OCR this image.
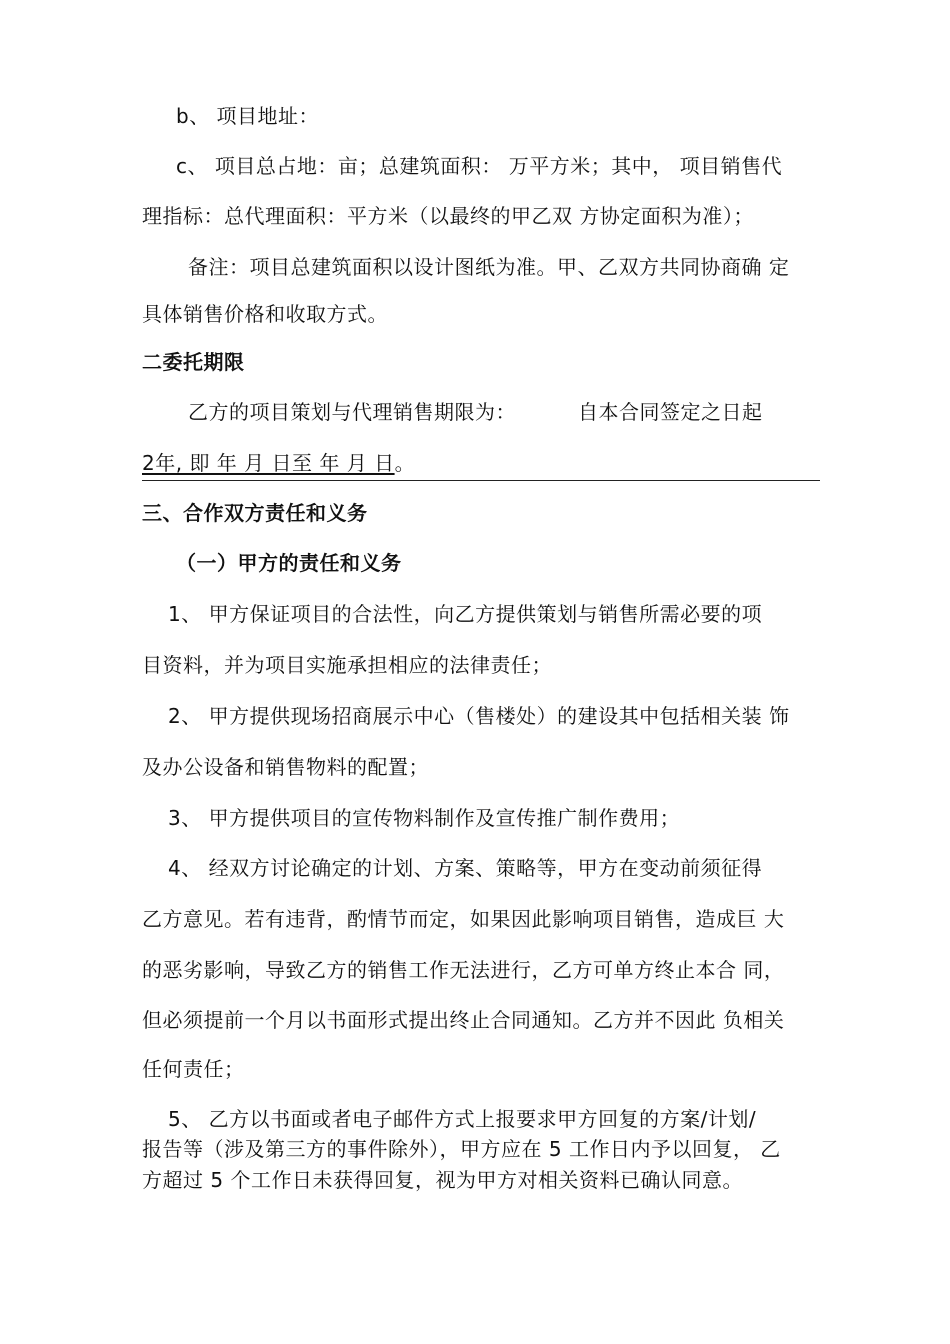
b、 项目地址：
c、 项目总占地：亩；总建筑面积： 万平方米；其中， 项目销售代
理指标：总代理面积：平方米（以最终的甲乙双 方协定面积为准）；
备注：项目总建筑面积以设计图纸为准。甲、乙双方共同协商确 定
具体销售价格和收取方式。
二委托期限
乙方的项目策划与代理销售期限为：	自本合同签定之日起
2年, 即 年 月 日至 年 月 日。
三、合作双方责任和义务
（一）甲方的责任和义务
1、 甲方保证项目的合法性，向乙方提供策划与销售所需必要的项
目资料，并为项目实施承担相应的法律责任；
2、 甲方提供现场招商展示中心（售楼处）的建设其中包括相关装 饰
及办公设备和销售物料的配置；
3、 甲方提供项目的宣传物料制作及宣传推广制作费用；
4、 经双方讨论确定的计划、方案、策略等，甲方在变动前须征得
乙方意见。若有违背，酌情节而定，如果因此影响项目销售，造成巨 大
的恶劣影响，导致乙方的销售工作无法进行，乙方可单方终止本合 同，
但必须提前一个月以书面形式提出终止合同通知。乙方并不因此 负相关
任何责任；
5、 乙方以书面或者电子邮件方式上报要求甲方回复的方案/计划/
报告等（涉及第三方的事件除外），甲方应在 5 工作日内予以回复， 乙
方超过 5 个工作日未获得回复，视为甲方对相关资料已确认同意。
